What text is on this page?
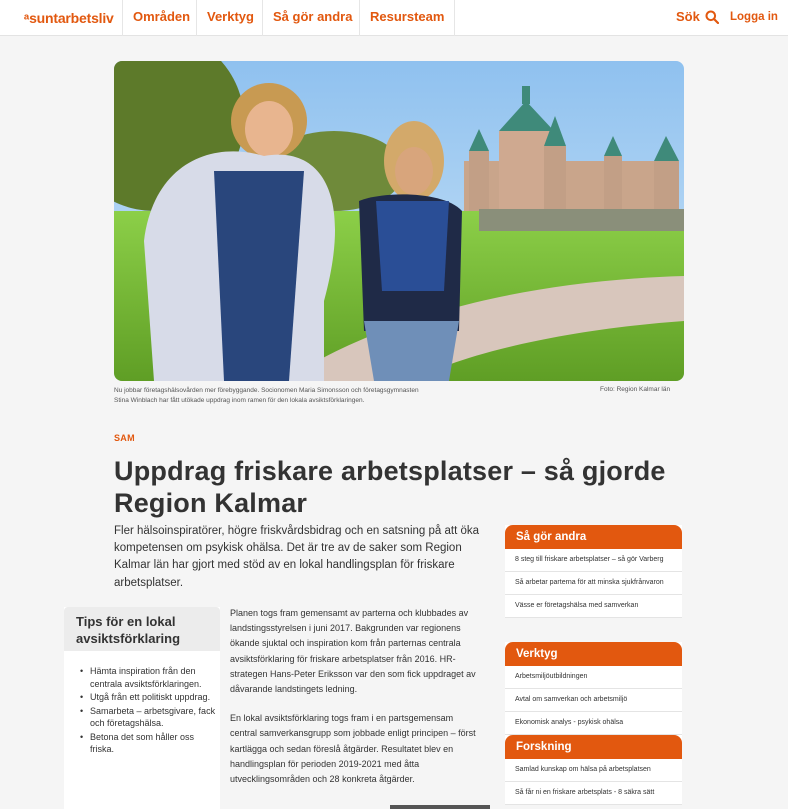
ᵃsuntarbetsliv	Områden	Verktyg	Så gör andra	Resursteam	Sök	Logga in
Nu jobbar företagshälsovården mer förebyggande. Socionomen Maria Simonsson och företagsgymnasten
Stina Winblach har fått utökade uppdrag inom ramen för den lokala avsiktsförklaringen.
Foto: Region Kalmar län
SAM
Uppdrag friskare arbetsplatser – så gjorde Region Kalmar

Fler hälsoinspiratörer, högre friskvårdsbidrag och en satsning på att öka kompetensen om psykisk ohälsa. Det är tre av de saker som Region Kalmar län har gjort med stöd av en lokal handlingsplan för friskare arbetsplatser.

Tips för en lokal avsiktsförklaring
• Hämta inspiration från den centrala avsiktsförklaringen.
• Utgå från ett politiskt uppdrag.
• Samarbeta – arbetsgivare, fack och företagshälsa.
• Betona det som håller oss friska.

Planen togs fram gemensamt av parterna och klubbades av landstingsstyrelsen i juni 2017. Bakgrunden var regionens ökande sjuktal och inspiration kom från parternas centrala avsiktsförklaring för friskare arbetsplatser från 2016. HR-strategen Hans-Peter Eriksson var den som fick uppdraget av dåvarande landstingets ledning.

En lokal avsiktsförklaring togs fram i en partsgemensam central samverkansgrupp som jobbade enligt principen – först kartlägga och sedan föreslå åtgärder. Resultatet blev en handlingsplan för perioden 2019-2021 med åtta utvecklingsområden och 28 konkreta åtgärder.

Så gör andra
8 steg till friskare arbetsplatser – så gör Varberg
Så arbetar parterna för att minska sjukfrånvaron
Vässe er företagshälsa med samverkan
Verktyg
Arbetsmiljöutbildningen
Avtal om samverkan och arbetsmiljö
Ekonomisk analys - psykisk ohälsa
Forskning
Samlad kunskap om hälsa på arbetsplatsen
Så får ni en friskare arbetsplats - 8 säkra sätt
